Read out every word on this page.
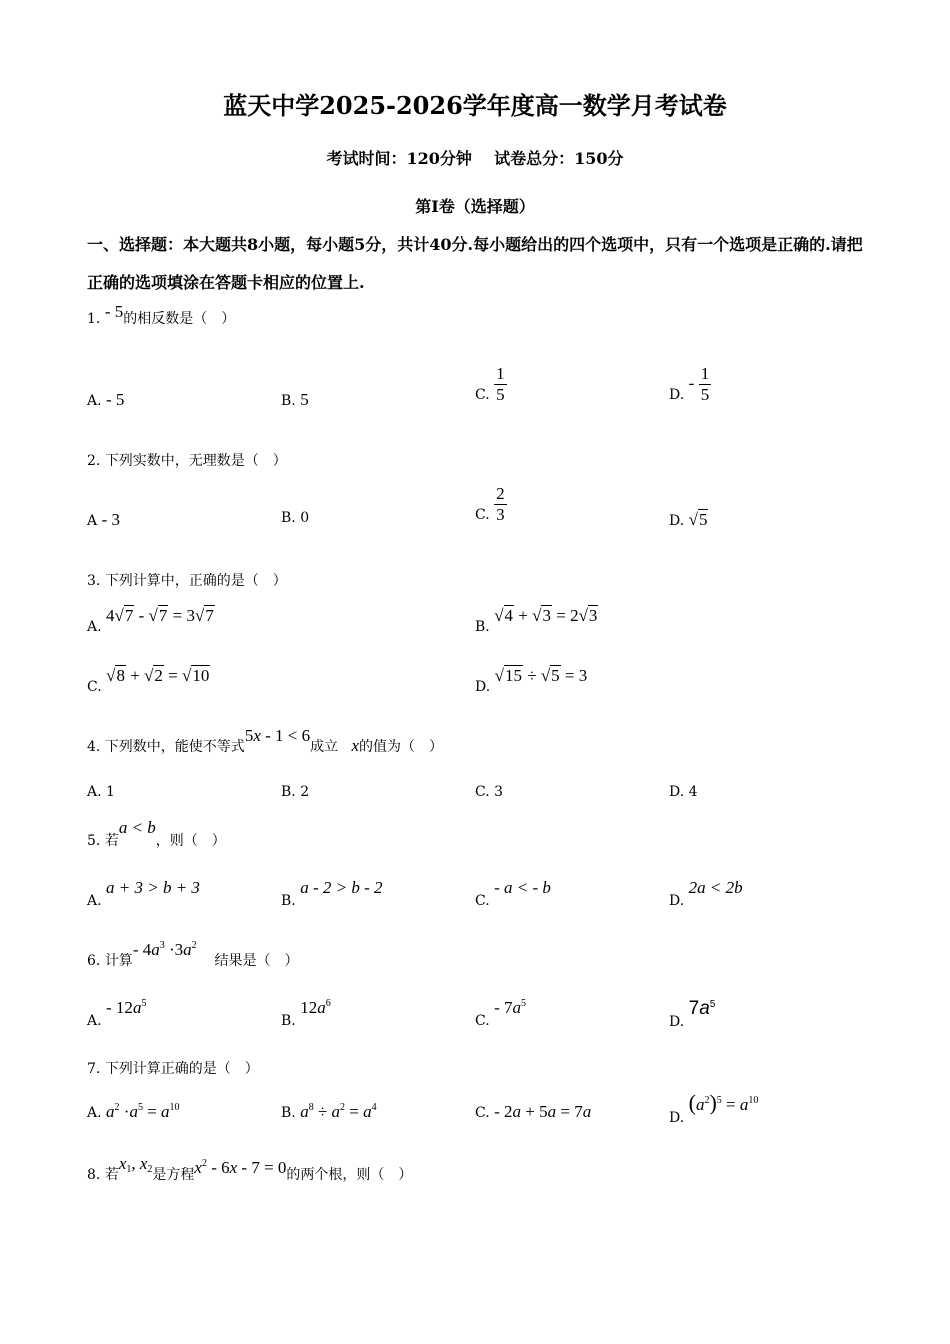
蓝天中学2025-2026学年度高一数学月考试卷
考试时间：120分钟    试卷总分：150分
第I卷（选择题）
一、选择题：本大题共8小题，每小题5分，共计40分.每小题给出的四个选项中，只有一个选项是正确的.请把正确的选项填涂在答题卡相应的位置上.
1. - 5的相反数是（　）
A. - 5	B. 5	C. $\frac{1}{5}$	D. - $\frac{1}{5}$
2. 下列实数中，无理数是（　）
A - 3	B. 0	C. $\frac{2}{3}$	D. √5
3. 下列计算中，正确的是（　）
A. 4√7 - √7 = 3√7
B. √4 + √3 = 2√3
C. √8 + √2 = √10
D. √15 ÷ √5 = 3
4. 下列数中，能使不等式5x - 1 < 6成立 x的值为（　）
A. 1	B. 2	C. 3	D. 4
5. 若a < b，则（　）
A. a + 3 > b + 3
B. a - 2 > b - 2
C. - a < - b
D. 2a < 2b
6. 计算- $4a^3 \cdot 3a^2$    结果是（　）
A. - $12a^5$
B. $12a^6$
C. - $7a^5$
D. $7a^5$
7. 下列计算正确的是（　）
A. $a^2 \cdot a^5 = a^{10}$	B. $a^8 \div a^2 = a^4$	C. - 2a + 5a = 7a	D. $(a^2)^5 = a^{10}$
8. 若$x_1$, $x_2$是方程$x^2 - 6x - 7 = 0$的两个根，则（　）
